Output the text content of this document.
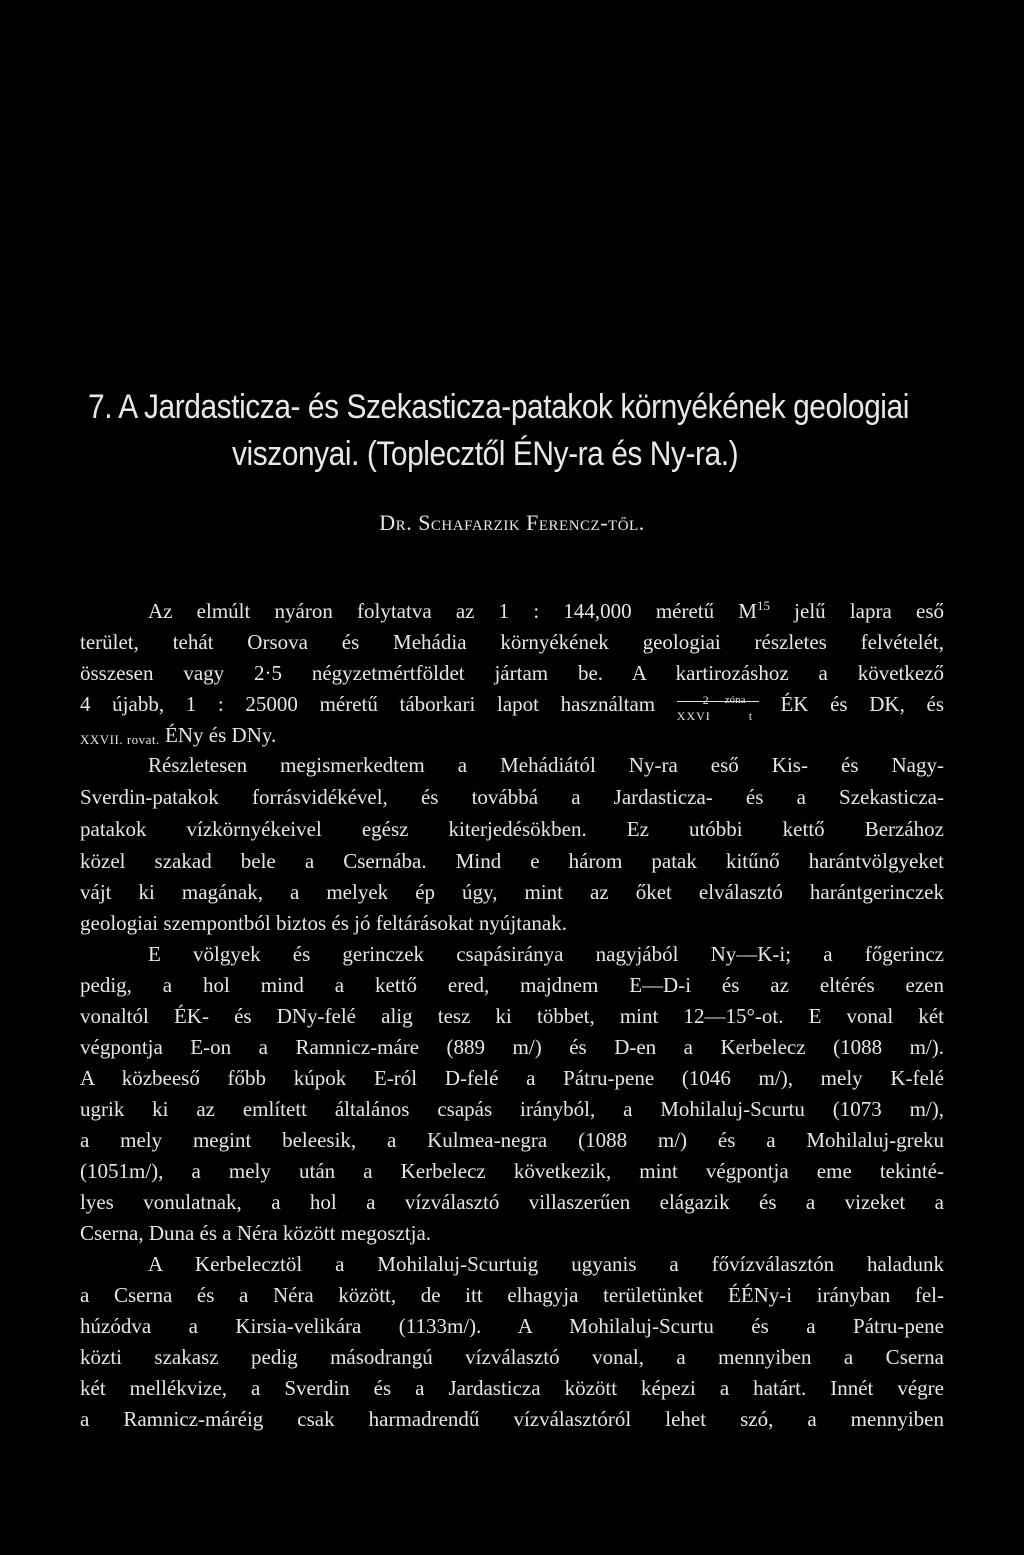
7. A Jardasticza- és Szekasticza-patakok környékének geologiai
viszonyai. (Toplecztől ÉNy-ra és Ny-ra.)
Dr. Schafarzik Ferencz-től.
Az elmúlt nyáron folytatva az 1 : 144,000 méretű $M^{15}$ jelű lapra eső
terület, tehát Orsova és Mehádia környékének geologiai részletes felvételét,
összesen vagy 2·5 négyzetmértföldet jártam be. A kartirozáshoz a következő
4 újabb, 1 : 25000 méretű táborkari lapot használtam	2 zóna
XXVI	t ÉK és DK, és
XXVII. rovat. ÉNy és DNy.
Részletesen megismerkedtem a Mehádiától Ny-ra eső Kis- és Nagy-
Sverdin-patakok forrásvidékével, és továbbá a Jardasticza- és a Szekasticza-
patakok vízkörnyékeivel egész kiterjedésökben. Ez utóbbi kettő Berzához
közel szakad bele a Csernába. Mind e három patak kitűnő harántvölgyeket
vájt ki magának, a melyek ép úgy, mint az őket elválasztó harántgerinczek
geologiai szempontból biztos és jó feltárásokat nyújtanak.
E völgyek és gerinczek csapásiránya nagyjából Ny—K-i; a főgerincz
pedig, a hol mind a kettő ered, majdnem E—D-i és az eltérés ezen
vonaltól ÉK- és DNy-felé alig tesz ki többet, mint 12—15°-ot. E vonal két
végpontja E-on a Ramnicz-máre (889 m/) és D-en a Kerbelecz (1088 m/).
A közbeeső főbb kúpok E-ról D-felé a Pátru-pene (1046 m/), mely K-felé
ugrik ki az említett általános csapás irányból, a Mohilaluj-Scurtu (1073 m/),
a mely megint beleesik, a Kulmea-negra (1088 m/) és a Mohilaluj-greku
(1051m/), a mely után a Kerbelecz következik, mint végpontja eme tekinté-
lyes vonulatnak, a hol a vízválasztó villaszerűen elágazik és a vizeket a
Cserna, Duna és a Néra között megosztja.
A Kerbelecztöl a Mohilaluj-Scurtuig ugyanis a fővízválasztón haladunk
a Cserna és a Néra között, de itt elhagyja területünket ÉÉNy-i irányban fel-
húzódva a Kirsia-velikára (1133m/). A Mohilaluj-Scurtu és a Pátru-pene
közti szakasz pedig másodrangú vízválasztó vonal, a mennyiben a Cserna
két mellékvize, a Sverdin és a Jardasticza között képezi a határt. Innét végre
a Ramnicz-máréig csak harmadrendű vízválasztóról lehet szó, a mennyiben
